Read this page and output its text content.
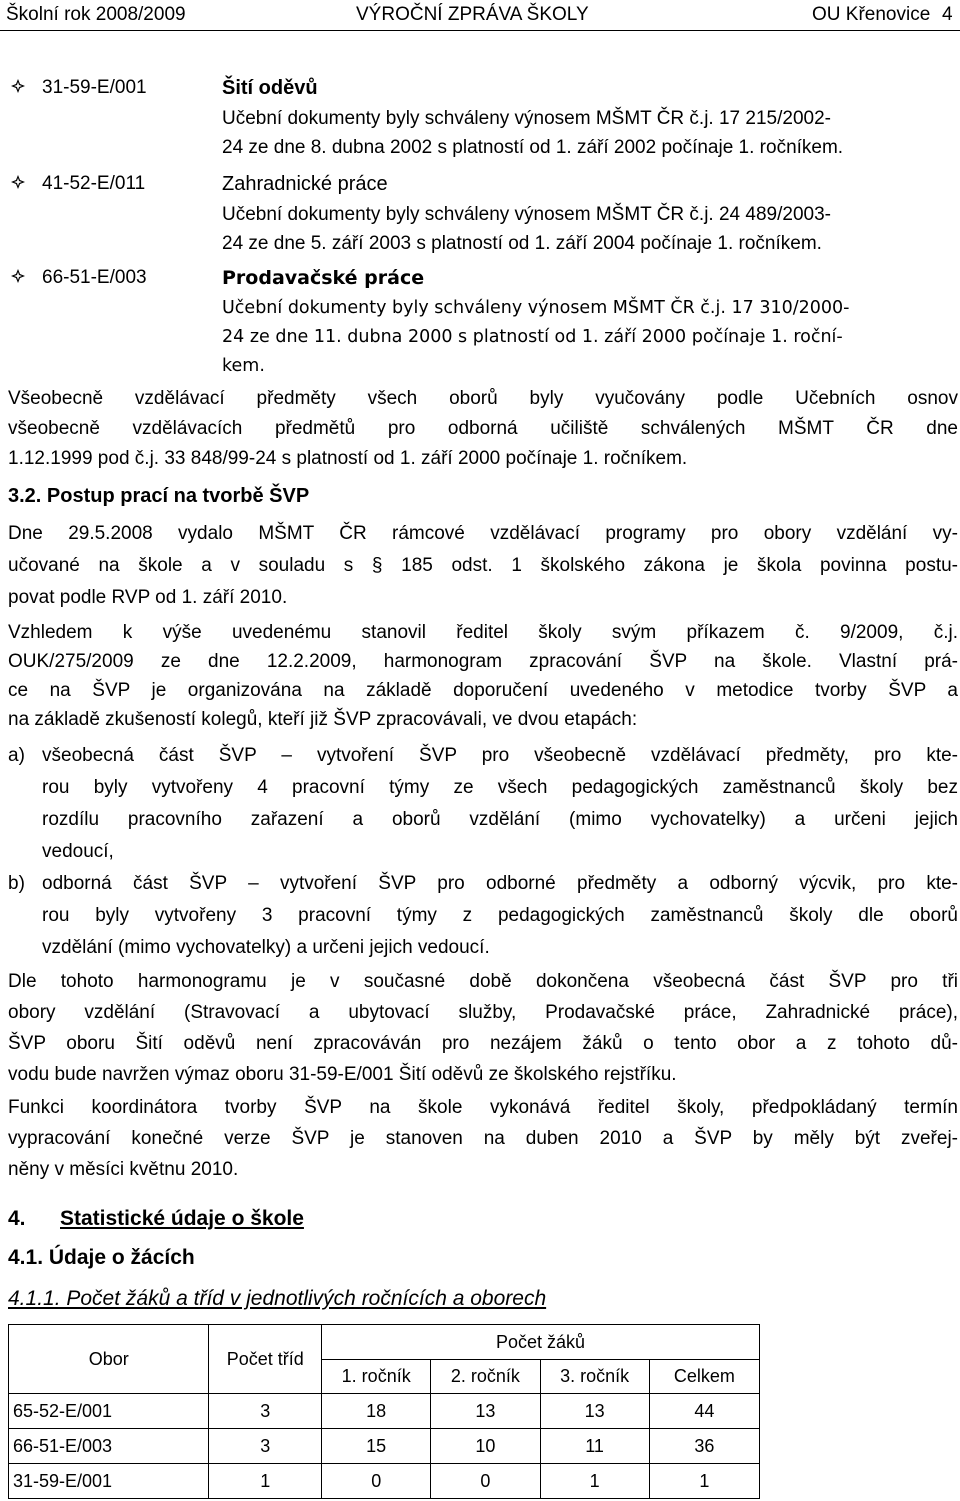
Školní rok 2008/2009	VÝROČNÍ ZPRÁVA ŠKOLY	OU Křenovice 4
31-59-E/001	Šití oděvů
Učební dokumenty byly schváleny výnosem MŠMT ČR č.j. 17 215/2002-
24 ze dne 8. dubna 2002 s platností od 1. září 2002 počínaje 1. ročníkem.
41-52-E/011	Zahradnické práce
Učební dokumenty byly schváleny výnosem MŠMT ČR č.j. 24 489/2003-
24 ze dne 5. září 2003 s platností od 1. září 2004 počínaje 1. ročníkem.
66-51-E/003	Prodavačské práce
Učební dokumenty byly schváleny výnosem MŠMT ČR č.j. 17 310/2000-
24 ze dne 11. dubna 2000 s platností od 1. září 2000 počínaje 1. roční-
kem.
Všeobecně vzdělávací předměty všech oborů byly vyučovány podle Učebních osnov
všeobecně vzdělávacích předmětů pro odborná učiliště schválených MŠMT ČR dne
1.12.1999 pod č.j. 33 848/99-24 s platností od 1. září 2000 počínaje 1. ročníkem.
3.2. Postup prací na tvorbě ŠVP
Dne 29.5.2008 vydalo MŠMT ČR rámcové vzdělávací programy pro obory vzdělání vy-
učované na škole a v souladu s § 185 odst. 1 školského zákona je škola povinna postu-
povat podle RVP od 1. září 2010.
Vzhledem k výše uvedenému stanovil ředitel školy svým příkazem č. 9/2009, č.j.
OUK/275/2009 ze dne 12.2.2009, harmonogram zpracování ŠVP na škole. Vlastní prá-
ce na ŠVP je organizována na základě doporučení uvedeného v metodice tvorby ŠVP a
na základě zkušeností kolegů, kteří již ŠVP zpracovávali, ve dvou etapách:
a) všeobecná část ŠVP – vytvoření ŠVP pro všeobecně vzdělávací předměty, pro kte-
rou byly vytvořeny 4 pracovní týmy ze všech pedagogických zaměstnanců školy bez
rozdílu pracovního zařazení a oborů vzdělání (mimo vychovatelky) a určeni jejich
vedoucí,
b) odborná část ŠVP – vytvoření ŠVP pro odborné předměty a odborný výcvik, pro kte-
rou byly vytvořeny 3 pracovní týmy z pedagogických zaměstnanců školy dle oborů
vzdělání (mimo vychovatelky) a určeni jejich vedoucí.
Dle tohoto harmonogramu je v současné době dokončena všeobecná část ŠVP pro tři
obory vzdělání (Stravovací a ubytovací služby, Prodavačské práce, Zahradnické práce),
ŠVP oboru Šití oděvů není zpracováván pro nezájem žáků o tento obor a z tohoto dů-
vodu bude navržen výmaz oboru 31-59-E/001 Šití oděvů ze školského rejstříku.
Funkci koordinátora tvorby ŠVP na škole vykonává ředitel školy, předpokládaný termín
vypracování konečné verze ŠVP je stanoven na duben 2010 a ŠVP by měly být zveřej-
něny v měsíci květnu 2010.
4. Statistické údaje o škole
4.1. Údaje o žácích
4.1.1. Počet žáků a tříd v jednotlivých ročnících a oborech
Obor	Počet tříd	Počet žáků			
		1. ročník	2. ročník	3. ročník	Celkem
65-52-E/001	3	18	13	13	44
66-51-E/003	3	15	10	11	36
31-59-E/001	1	0	0	1	1
